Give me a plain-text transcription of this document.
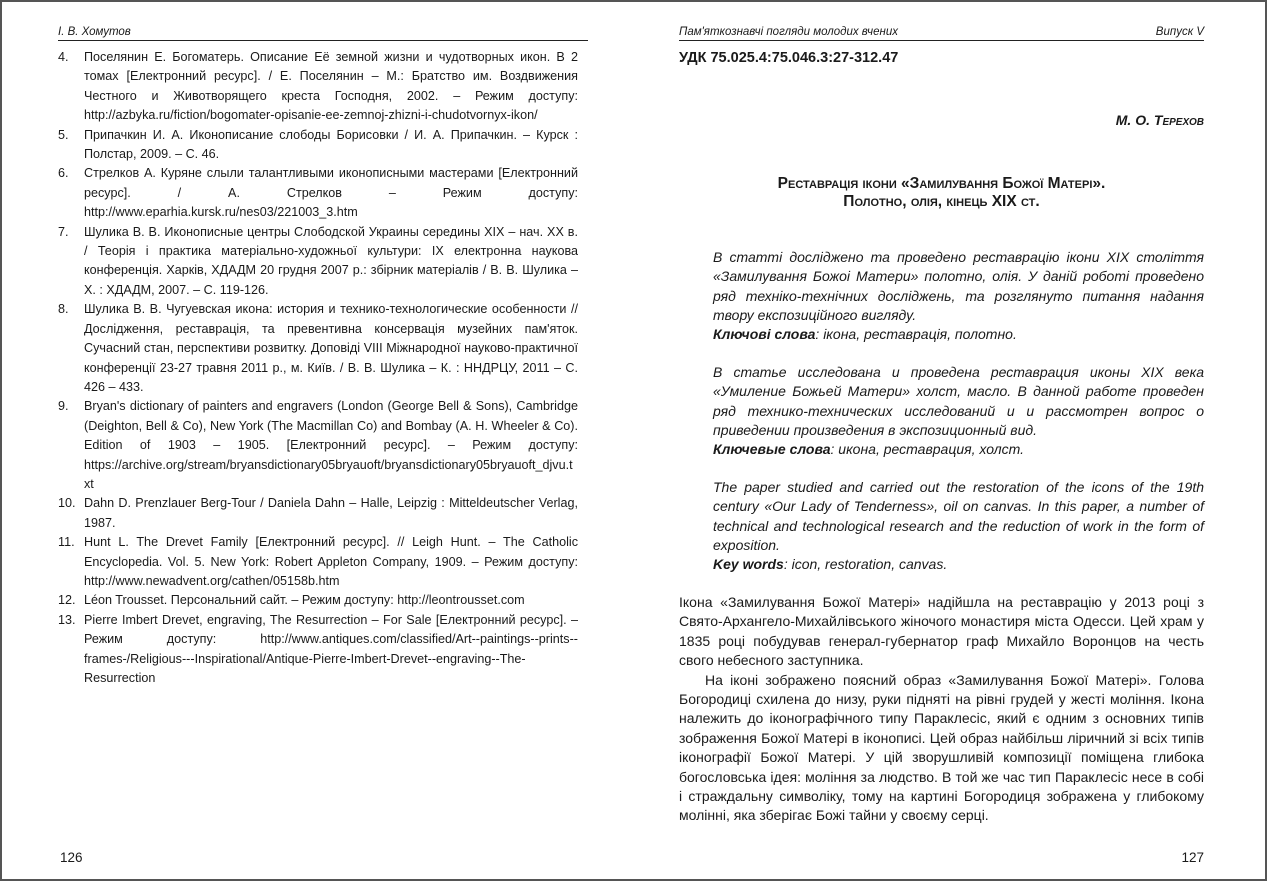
І. В. Хомутов
4. Поселянин Е. Богоматерь. Описание Её земной жизни и чудотворных икон. В 2 томах [Електронний ресурс]. / Е. Поселянин – М.: Братство им. Воздвижения Честного и Животворящего креста Господня, 2002. – Режим доступу: http://azbyka.ru/fiction/bogomater-opisanie-ee-zemnoj-zhizni-i-chudotvornyx-ikon/
5. Припачкин И. А. Иконописание слободы Борисовки / И. А. Припачкин. – Курск : Полстар, 2009. – С. 46.
6. Стрелков А. Куряне слыли талантливыми иконописными мастерами [Електронний ресурс]. / А. Стрелков – Режим доступу: http://www.eparhia.kursk.ru/nes03/221003_3.htm
7. Шулика В. В. Иконописные центры Слободской Украины середины XIX – нач. XX в. / Теорія і практика матеріально-художньої культури: IX електронна наукова конференція. Харків, ХДАДМ 20 грудня 2007 р.: збірник матеріалів / В. В. Шулика – Х. : ХДАДМ, 2007. – С. 119-126.
8. Шулика В. В. Чугуевская икона: история и технико-технологические особенности // Дослідження, реставрація, та превентивна консервація музейних пам'яток. Сучасний стан, перспективи розвитку. Доповіді VIII Міжнародної науково-практичної конференції 23-27 травня 2011 р., м. Київ. / В. В. Шулика – К. : ННДРЦУ, 2011 – С. 426 – 433.
9. Bryan's dictionary of painters and engravers (London (George Bell & Sons), Cambridge (Deighton, Bell & Co), New York (The Macmillan Co) and Bombay (A. H. Wheeler & Co). Edition of 1903 – 1905. [Електронний ресурс]. – Режим доступу: https://archive.org/stream/bryansdictionary05bryauoft/bryansdictionary05bryauoft_djvu.txt
10. Dahn D. Prenzlauer Berg-Tour / Daniela Dahn – Halle, Leipzig : Mitteldeutscher Verlag, 1987.
11. Hunt L. The Drevet Family [Електронний ресурс]. // Leigh Hunt. – The Catholic Encyclopedia. Vol. 5. New York: Robert Appleton Company, 1909. – Режим доступу: http://www.newadvent.org/cathen/05158b.htm
12. Léon Trousset. Персональний сайт. – Режим доступу: http://leontrousset.com
13. Pierre Imbert Drevet, engraving, The Resurrection – For Sale [Електронний ресурс]. – Режим доступу: http://www.antiques.com/classified/Art--paintings--prints--frames-/Religious---Inspirational/Antique-Pierre-Imbert-Drevet--engraving--The-Resurrection
126
Пам'яткознавчі погляди молодих вчених	Випуск V
УДК 75.025.4:75.046.3:27-312.47
М. О. Терехов
Реставрація ікони «Замилування Божої Матері».
Полотно, олія, кінець XIX ст.
В статті досліджено та проведено реставрацію ікони XIX століття «Замилування Божоі Матери» полотно, олія. У даній роботі проведено ряд техніко-технічних досліджень, та розглянуто питання надання твору експозиційного вигляду.
Ключові слова: ікона, реставрація, полотно.
В статье исследована и проведена реставрация иконы XIX века «Умиление Божьей Матери» холст, масло. В данной работе проведен ряд технико-технических исследований и и рассмотрен вопрос о приведении произведения в экспозиционный вид.
Ключевые слова: икона, реставрация, холст.
The paper studied and carried out the restoration of the icons of the 19th century «Our Lady of Tenderness», oil on canvas. In this paper, a number of technical and technological research and the reduction of work in the form of exposition.
Key words: icon, restoration, canvas.

Ікона «Замилування Божої Матері» надійшла на реставрацію у 2013 році з Свято-Архангело-Михайлівського жіночого монастиря міста Одесси. Цей храм у 1835 році побудував генерал-губернатор граф Михайло Воронцов на честь свого небесного заступника.

На іконі зображено поясний образ «Замилування Божої Матері». Голова Богородиці схилена до низу, руки підняті на рівні грудей у жесті моління. Ікона належить до іконографічного типу Параклесіс, який є одним з основних типів зображення Божої Матері в іконописі. Цей образ найбільш ліричний зі всіх типів іконографії Божої Матері. У цій зворушливій композиції поміщена глибока богословська ідея: моління за людство. В той же час тип Параклесіс несе в собі і страждальну символіку, тому на картині Богородиця зображена у глибокому молінні, яка зберігає Божі тайни у своєму серці.

127
